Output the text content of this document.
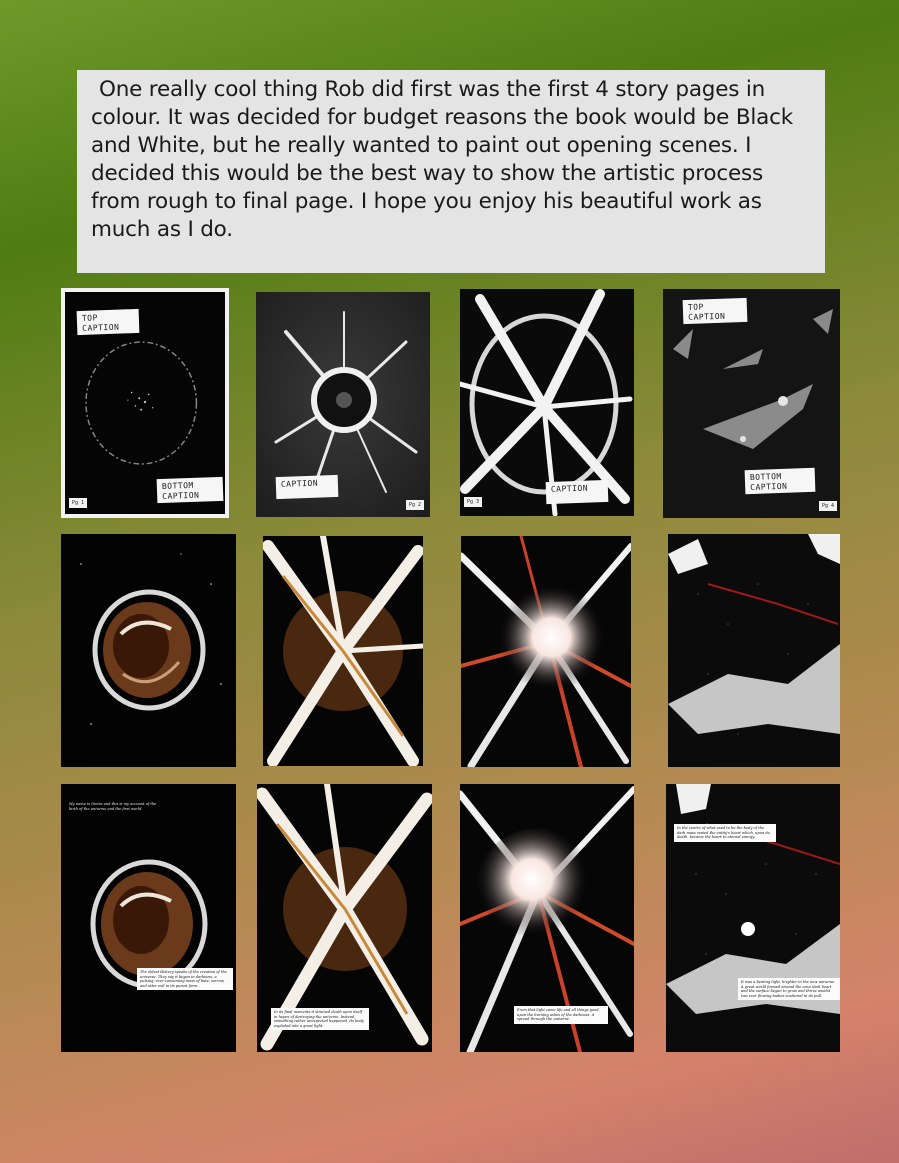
One really cool thing Rob did first was the first 4 story pages in colour. It was decided for budget reasons the book would be Black and White, but he really wanted to paint out opening scenes. I decided this would be the best way to show the artistic process from rough to final page. I hope you enjoy his beautiful work as much as I do.

TOP CAPTION
BOTTOM CAPTION
Pg 1
CAPTION
Pg 2
CAPTION
Pg 3
TOP CAPTION
BOTTOM CAPTION
Pg 4
My name is Oniria and this is my account of the birth of the universe and the first world.
The oldest History speaks of the creation of the universe. They say it began in darkness, a pulsing, ever-consuming mass of hate, sorrow, and utter evil in its purest form.
In its final moments it strained death upon itself in hopes of destroying the universe. Instead, something rather unexpected happened. Its body exploded into a great light.
From that light came life and all things good, upon the burning ashes of the darkness, it spread through the universe.
In the centre of what used to be the body of the dark mass rested the entity's heart which, upon its death, became the heart to eternal energy.
It was a beating light, brighter in the new universe. A great world formed around the once dark heart and the surface began to grow and thrive amidst two ever flowing bodies scattered in its pull.
